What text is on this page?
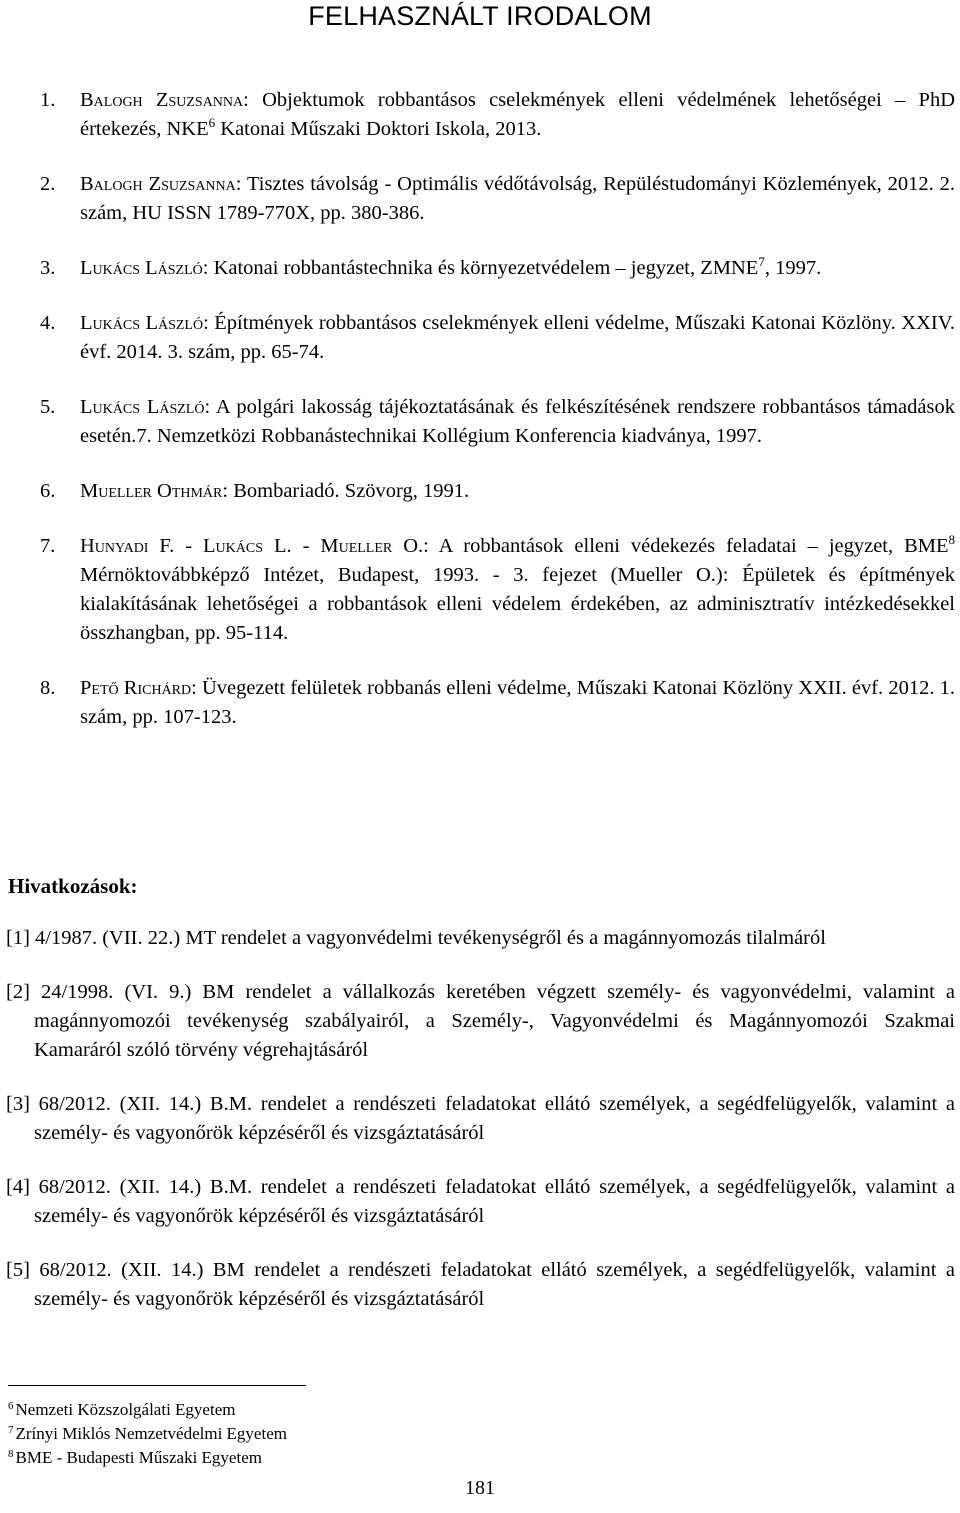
FELHASZNÁLT IRODALOM
1.	Balogh Zsuzsanna: Objektumok robbantásos cselekmények elleni védelmének lehetőségei – PhD értekezés, NKE$^6$ Katonai Műszaki Doktori Iskola, 2013.
2.	Balogh Zsuzsanna: Tisztes távolság - Optimális védőtávolság, Repüléstudományi Közlemények, 2012. 2. szám, HU ISSN 1789-770X, pp. 380-386.
3.	Lukács László: Katonai robbantástechnika és környezetvédelem – jegyzet, ZMNE$^7$, 1997.
4.	Lukács László: Építmények robbantásos cselekmények elleni védelme, Műszaki Katonai Közlöny. XXIV. évf. 2014. 3. szám, pp. 65-74.
5.	Lukács László: A polgári lakosság tájékoztatásának és felkészítésének rendszere robbantásos támadások esetén.7. Nemzetközi Robbanástechnikai Kollégium Konferencia kiadványa, 1997.
6.	Mueller Othmár: Bombariadó. Szövorg, 1991.
7.	Hunyadi F. - Lukács L. - Mueller O.: A robbantások elleni védekezés feladatai – jegyzet, BME$^8$ Mérnöktovábbképző Intézet, Budapest, 1993. - 3. fejezet (Mueller O.): Épületek és építmények kialakításának lehetőségei a robbantások elleni védelem érdekében, az adminisztratív intézkedésekkel összhangban, pp. 95-114.
8.	Pető Richárd: Üvegezett felületek robbanás elleni védelme, Műszaki Katonai Közlöny XXII. évf. 2012. 1. szám, pp. 107-123.
Hivatkozások:
[1] 4/1987. (VII. 22.) MT rendelet a vagyonvédelmi tevékenységről és a magánnyomozás tilalmáról
[2] 24/1998. (VI. 9.) BM rendelet a vállalkozás keretében végzett személy- és vagyonvédelmi, valamint a magánnyomozói tevékenység szabályairól, a Személy-, Vagyonvédelmi és Magánnyomozói Szakmai Kamaráról szóló törvény végrehajtásáról
[3] 68/2012. (XII. 14.) B.M. rendelet a rendészeti feladatokat ellátó személyek, a segédfelügyelők, valamint a személy- és vagyonőrök képzéséről és vizsgáztatásáról
[4] 68/2012. (XII. 14.) B.M. rendelet a rendészeti feladatokat ellátó személyek, a segédfelügyelők, valamint a személy- és vagyonőrök képzéséről és vizsgáztatásáról
[5] 68/2012. (XII. 14.) BM rendelet a rendészeti feladatokat ellátó személyek, a segédfelügyelők, valamint a személy- és vagyonőrök képzéséről és vizsgáztatásáról
$^6$ Nemzeti Közszolgálati Egyetem
$^7$ Zrínyi Miklós Nemzetvédelmi Egyetem
$^8$ BME - Budapesti Műszaki Egyetem
181
